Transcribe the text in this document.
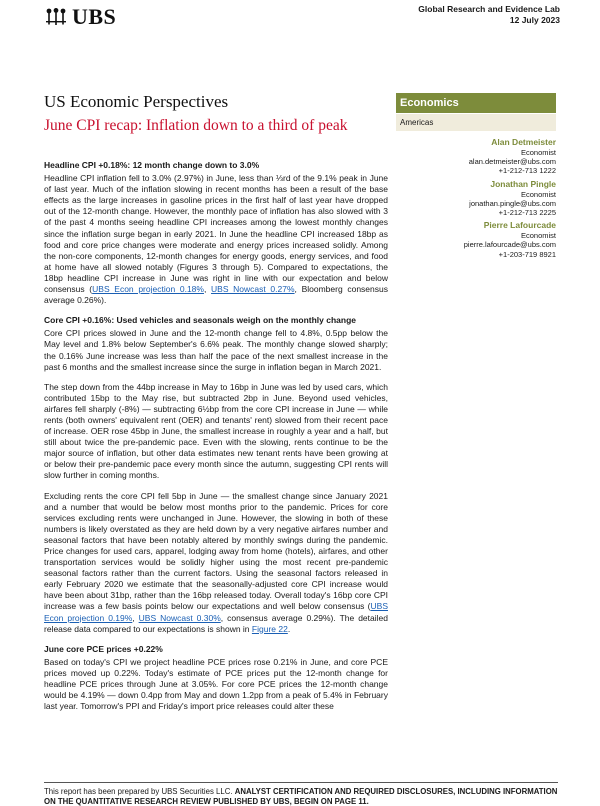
UBS	Global Research and Evidence Lab
12 July 2023
US Economic Perspectives
June CPI recap: Inflation down to a third of peak
Economics
Americas
Alan Detmeister
Economist
alan.detmeister@ubs.com
+1-212-713 1222
Jonathan Pingle
Economist
jonathan.pingle@ubs.com
+1-212-713 2225
Pierre Lafourcade
Economist
pierre.lafourcade@ubs.com
+1-203-719 8921
Headline CPI +0.18%: 12 month change down to 3.0%

Headline CPI inflation fell to 3.0% (2.97%) in June, less than ⅓rd of the 9.1% peak in June of last year. Much of the inflation slowing in recent months has been a result of the base effects as the large increases in gasoline prices in the first half of last year have dropped out of the 12-month change. However, the monthly pace of inflation has also slowed with 3 of the past 4 months seeing headline CPI increases among the lowest monthly changes since the inflation surge began in early 2021. In June the headline CPI increased 18bp as food and core price changes were moderate and energy prices increased solidly. Among the non-core components, 12-month changes for energy goods, energy services, and food at home have all slowed notably (Figures 3 through 5). Compared to expectations, the 18bp headline CPI increase in June was right in line with our expectation and below consensus (UBS Econ projection 0.18%, UBS Nowcast 0.27%, Bloomberg consensus average 0.26%).

Core CPI +0.16%: Used vehicles and seasonals weigh on the monthly change

Core CPI prices slowed in June and the 12-month change fell to 4.8%, 0.5pp below the May level and 1.8% below September's 6.6% peak. The monthly change slowed sharply; the 0.16% June increase was less than half the pace of the next smallest increase in the past 6 months and the smallest increase since the surge in inflation began in March 2021.

The step down from the 44bp increase in May to 16bp in June was led by used cars, which contributed 15bp to the May rise, but subtracted 2bp in June. Beyond used vehicles, airfares fell sharply (-8%) — subtracting 6½bp from the core CPI increase in June — while rents (both owners' equivalent rent (OER) and tenants' rent) slowed from their recent pace of increase. OER rose 45bp in June, the smallest increase in roughly a year and a half, but still about twice the pre-pandemic pace. Even with the slowing, rents continue to be the major source of inflation, but other data estimates new tenant rents have been growing at or below their pre-pandemic pace every month since the autumn, suggesting CPI rents will slow further in coming months.

Excluding rents the core CPI fell 5bp in June — the smallest change since January 2021 and a number that would be below most months prior to the pandemic. Prices for core services excluding rents were unchanged in June. However, the slowing in both of these numbers is likely overstated as they are held down by a very negative airfares number and seasonal factors that have been notably altered by monthly swings during the pandemic. Price changes for used cars, apparel, lodging away from home (hotels), airfares, and other transportation services would be solidly higher using the most recent pre-pandemic seasonal factors rather than the current factors. Using the seasonal factors released in early February 2020 we estimate that the seasonally-adjusted core CPI increase would have been about 31bp, rather than the 16bp released today. Overall today's 16bp core CPI increase was a few basis points below our expectations and well below consensus (UBS Econ projection 0.19%, UBS Nowcast 0.30%, consensus average 0.29%). The detailed release data compared to our expectations is shown in Figure 22.

June core PCE prices +0.22%

Based on today's CPI we project headline PCE prices rose 0.21% in June, and core PCE prices moved up 0.22%. Today's estimate of PCE prices put the 12-month change for headline PCE prices through June at 3.05%. For core PCE prices the 12-month change would be 4.19% — down 0.4pp from May and down 1.2pp from a peak of 5.4% in February last year. Tomorrow's PPI and Friday's import price releases could alter these

This report has been prepared by UBS Securities LLC. ANALYST CERTIFICATION AND REQUIRED DISCLOSURES, INCLUDING INFORMATION ON THE QUANTITATIVE RESEARCH REVIEW PUBLISHED BY UBS, BEGIN ON PAGE 11.
